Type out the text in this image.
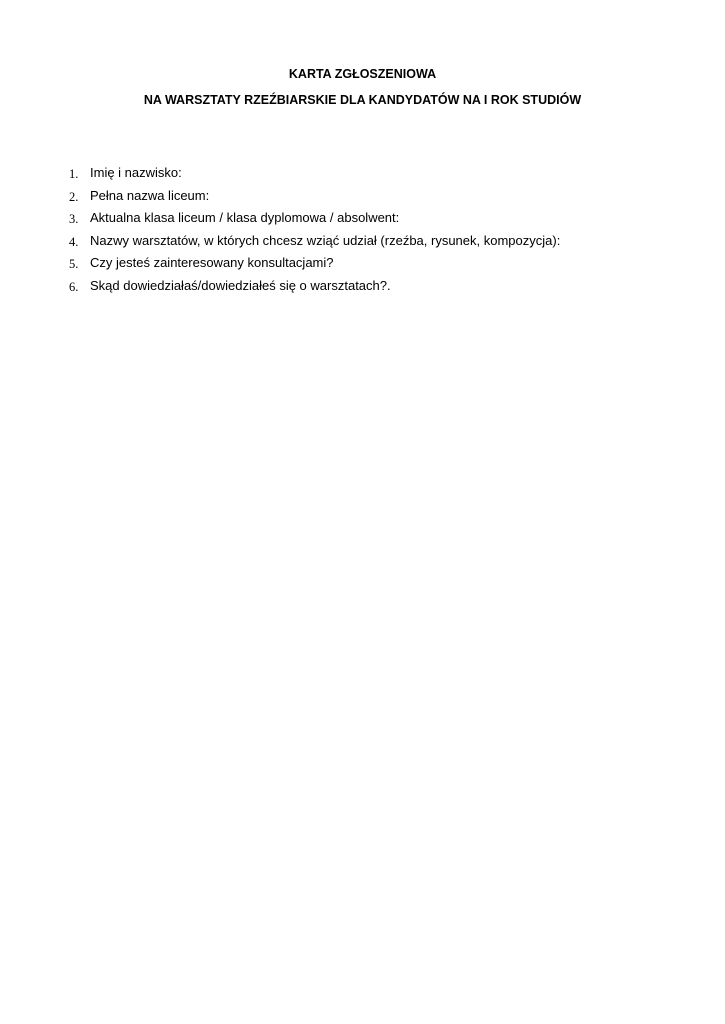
KARTA ZGŁOSZENIOWA
NA WARSZTATY RZEŹBIARSKIE DLA KANDYDATÓW NA I ROK STUDIÓW
1. Imię i nazwisko:
2. Pełna nazwa liceum:
3. Aktualna klasa liceum / klasa dyplomowa / absolwent:
4. Nazwy warsztatów, w których chcesz wziąć udział (rzeźba, rysunek, kompozycja):
5. Czy jesteś zainteresowany konsultacjami?
6. Skąd dowiedziałaś/dowiedziałeś się o warsztatach?.
